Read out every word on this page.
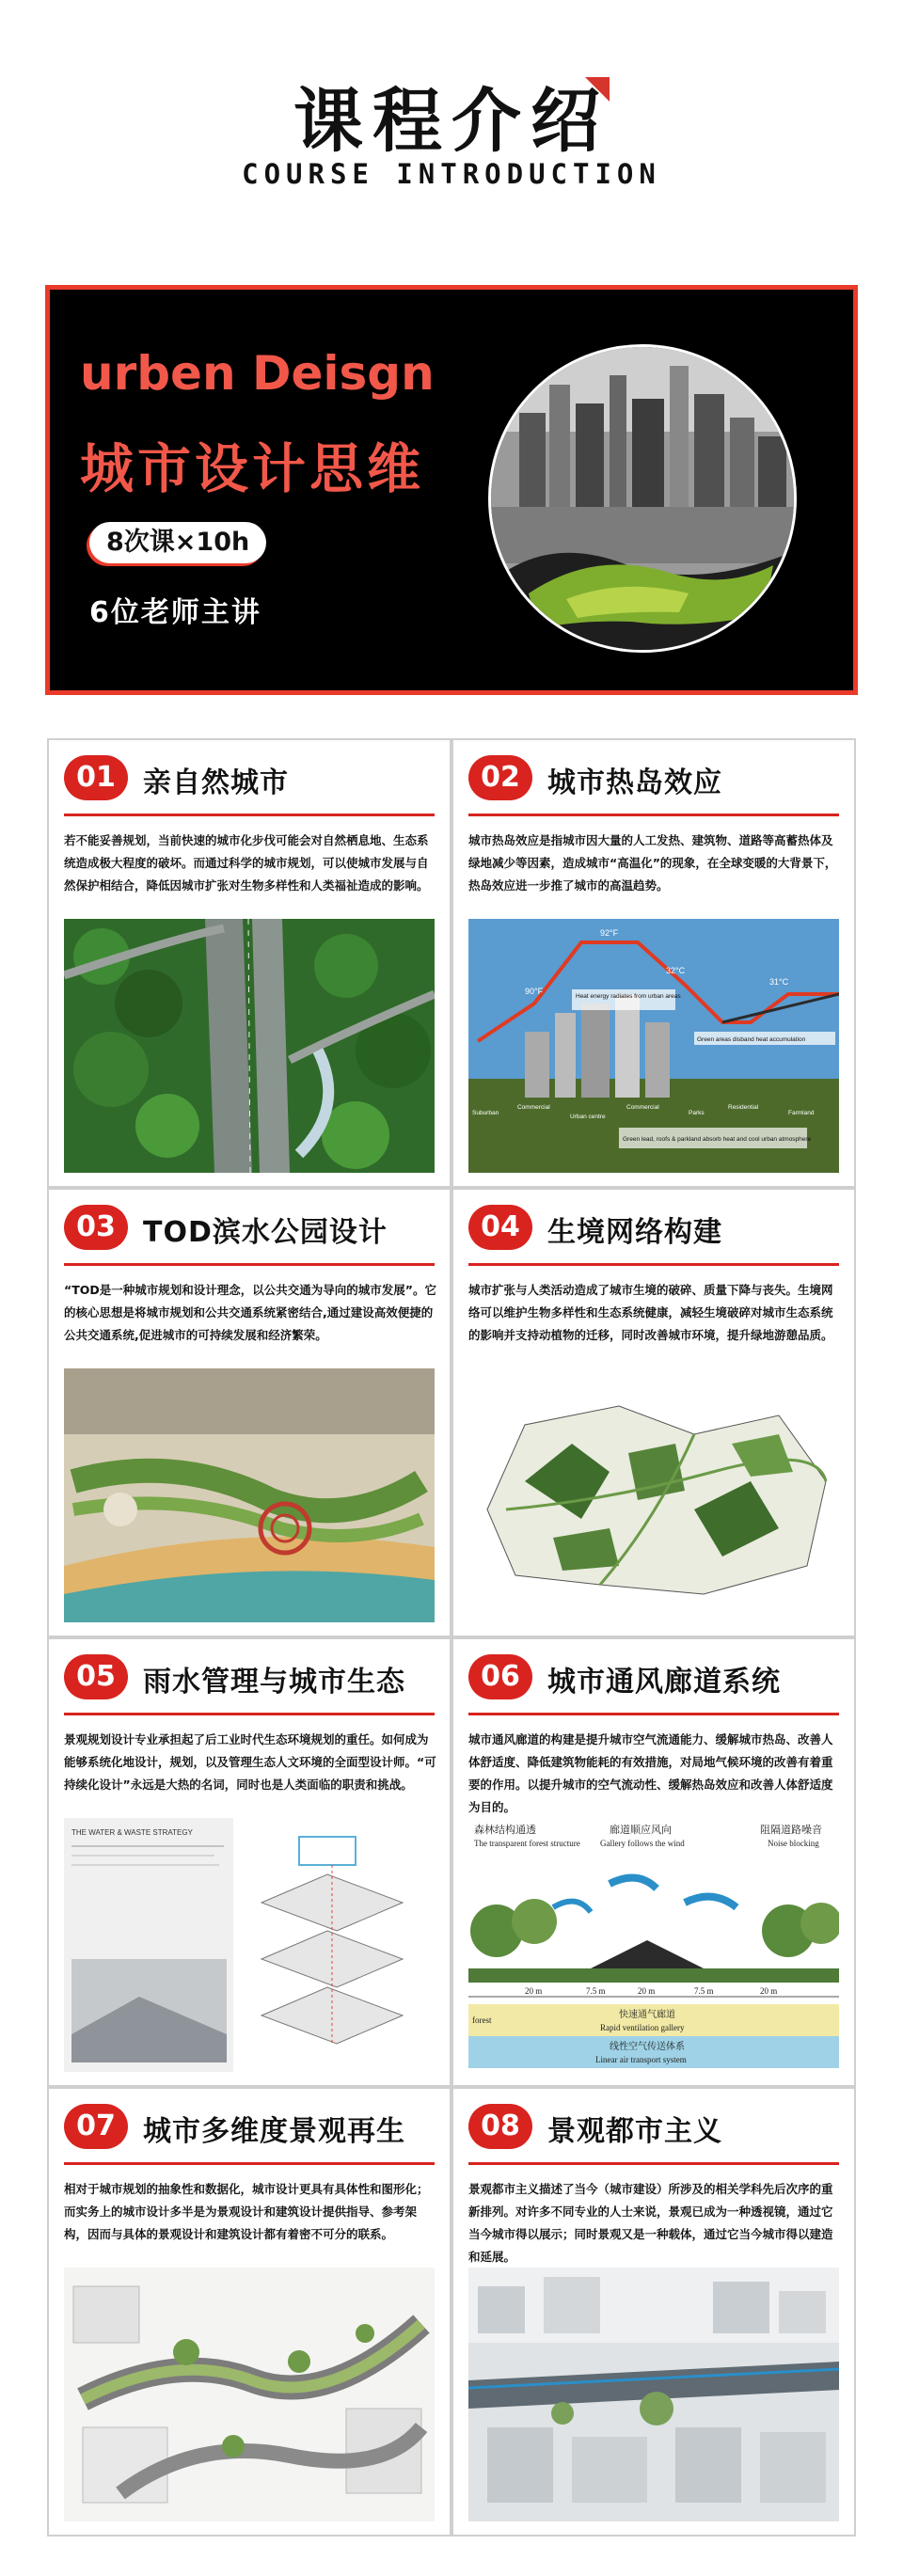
课程介绍
COURSE INTRODUCTION
urben Deisgn
城市设计思维
8次课×10h
6位老师主讲
01 亲自然城市
若不能妥善规划，当前快速的城市化步伐可能会对自然栖息地、生态系统造成极大程度的破坏。而通过科学的城市规划，可以使城市发展与自然保护相结合，降低因城市扩张对生物多样性和人类福祉造成的影响。
02 城市热岛效应
城市热岛效应是指城市因大量的人工发热、建筑物、道路等高蓄热体及绿地减少等因素，造成城市“高温化”的现象，在全球变暖的大背景下，热岛效应进一步推了城市的高温趋势。
92°F
90°F
32°C
31°C
Heat energy radiates from urban areas
Green areas disband heat accumulation
Suburban
Commercial
Urban centre
Commercial
Parks
Residential
Farmland
Green lead, roofs & parkland absorb heat and cool urban atmosphere
03 TOD滨水公园设计
“TOD是一种城市规划和设计理念，以公共交通为导向的城市发展”。它的核心思想是将城市规划和公共交通系统紧密结合,通过建设高效便捷的公共交通系统,促进城市的可持续发展和经济繁荣。
04 生境网络构建
城市扩张与人类活动造成了城市生境的破碎、质量下降与丧失。生境网络可以维护生物多样性和生态系统健康，减轻生境破碎对城市生态系统的影响并支持动植物的迁移，同时改善城市环境，提升绿地游憩品质。
05 雨水管理与城市生态
景观规划设计专业承担起了后工业时代生态环境规划的重任。如何成为能够系统化地设计，规划，以及管理生态人文环境的全面型设计师。“可持续化设计”永远是大热的名词，同时也是人类面临的职责和挑战。
THE WATER & WASTE STRATEGY
06 城市通风廊道系统
城市通风廊道的构建是提升城市空气流通能力、缓解城市热岛、改善人体舒适度、降低建筑物能耗的有效措施，对局地气候环境的改善有着重要的作用。以提升城市的空气流动性、缓解热岛效应和改善人体舒适度为目的。
森林结构通透
The transparent forest structure
廊道顺应风向
Gallery follows the wind
阻隔道路噪音
Noise blocking
20 m	7.5 m	20 m	7.5 m	20 m
forest	快速通气廊道
Rapid ventilation gallery
线性空气传送体系
Linear air transport system
07 城市多维度景观再生
相对于城市规划的抽象性和数据化，城市设计更具有具体性和图形化；而实务上的城市设计多半是为景观设计和建筑设计提供指导、参考架构，因而与具体的景观设计和建筑设计都有着密不可分的联系。
08 景观都市主义
景观都市主义描述了当今（城市建设）所涉及的相关学科先后次序的重新排列。对许多不同专业的人士来说，景观已成为一种透视镜，通过它当今城市得以展示；同时景观又是一种载体，通过它当今城市得以建造和延展。
